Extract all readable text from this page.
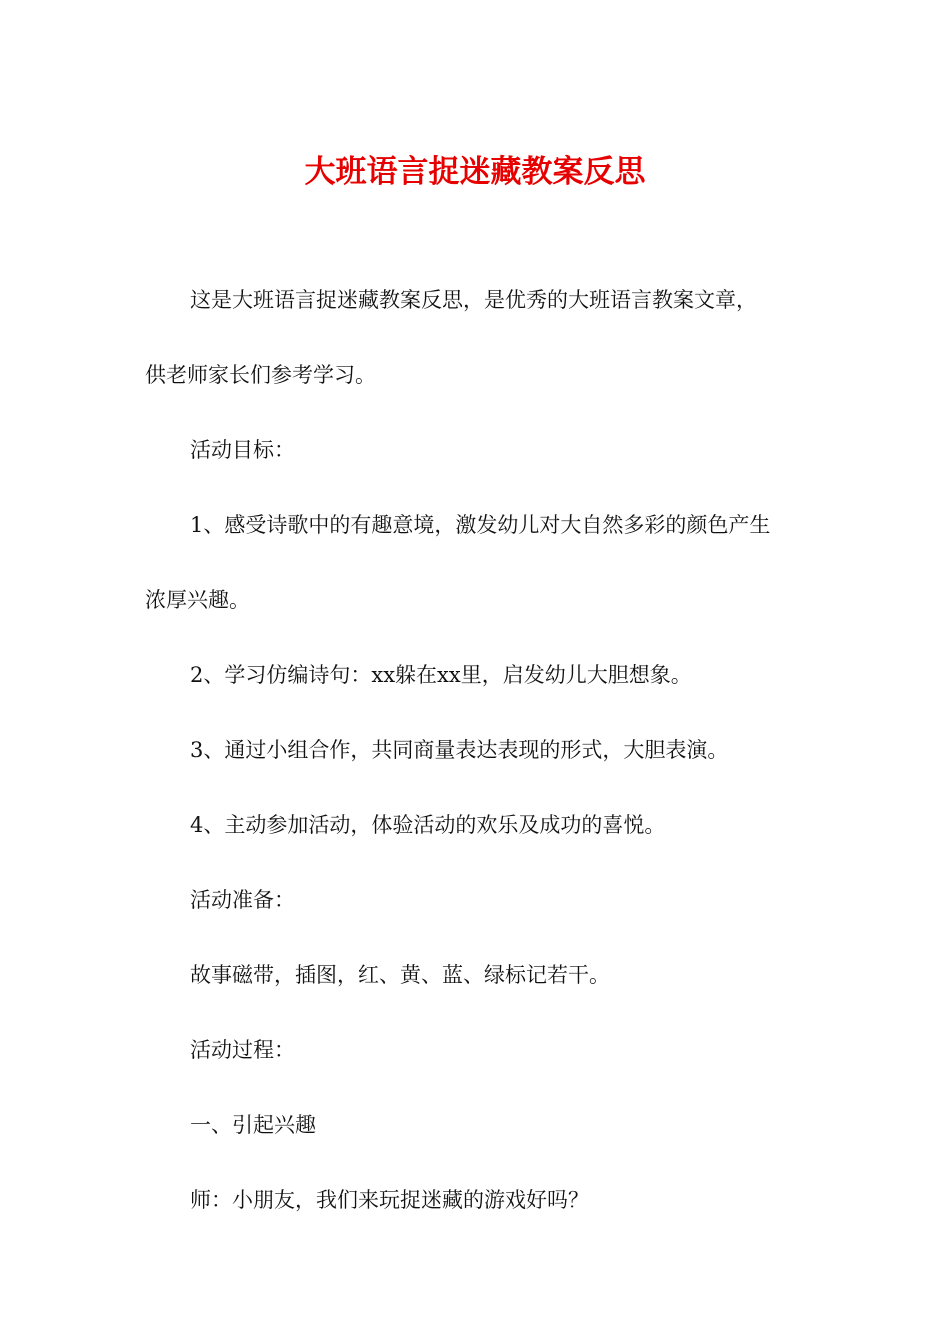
大班语言捉迷藏教案反思
这是大班语言捉迷藏教案反思，是优秀的大班语言教案文章，
供老师家长们参考学习。
活动目标：
1、感受诗歌中的有趣意境，激发幼儿对大自然多彩的颜色产生
浓厚兴趣。
2、学习仿编诗句：xx躲在xx里，启发幼儿大胆想象。
3、通过小组合作，共同商量表达表现的形式，大胆表演。
4、主动参加活动，体验活动的欢乐及成功的喜悦。
活动准备：
故事磁带，插图，红、黄、蓝、绿标记若干。
活动过程：
一、引起兴趣
师：小朋友，我们来玩捉迷藏的游戏好吗？
